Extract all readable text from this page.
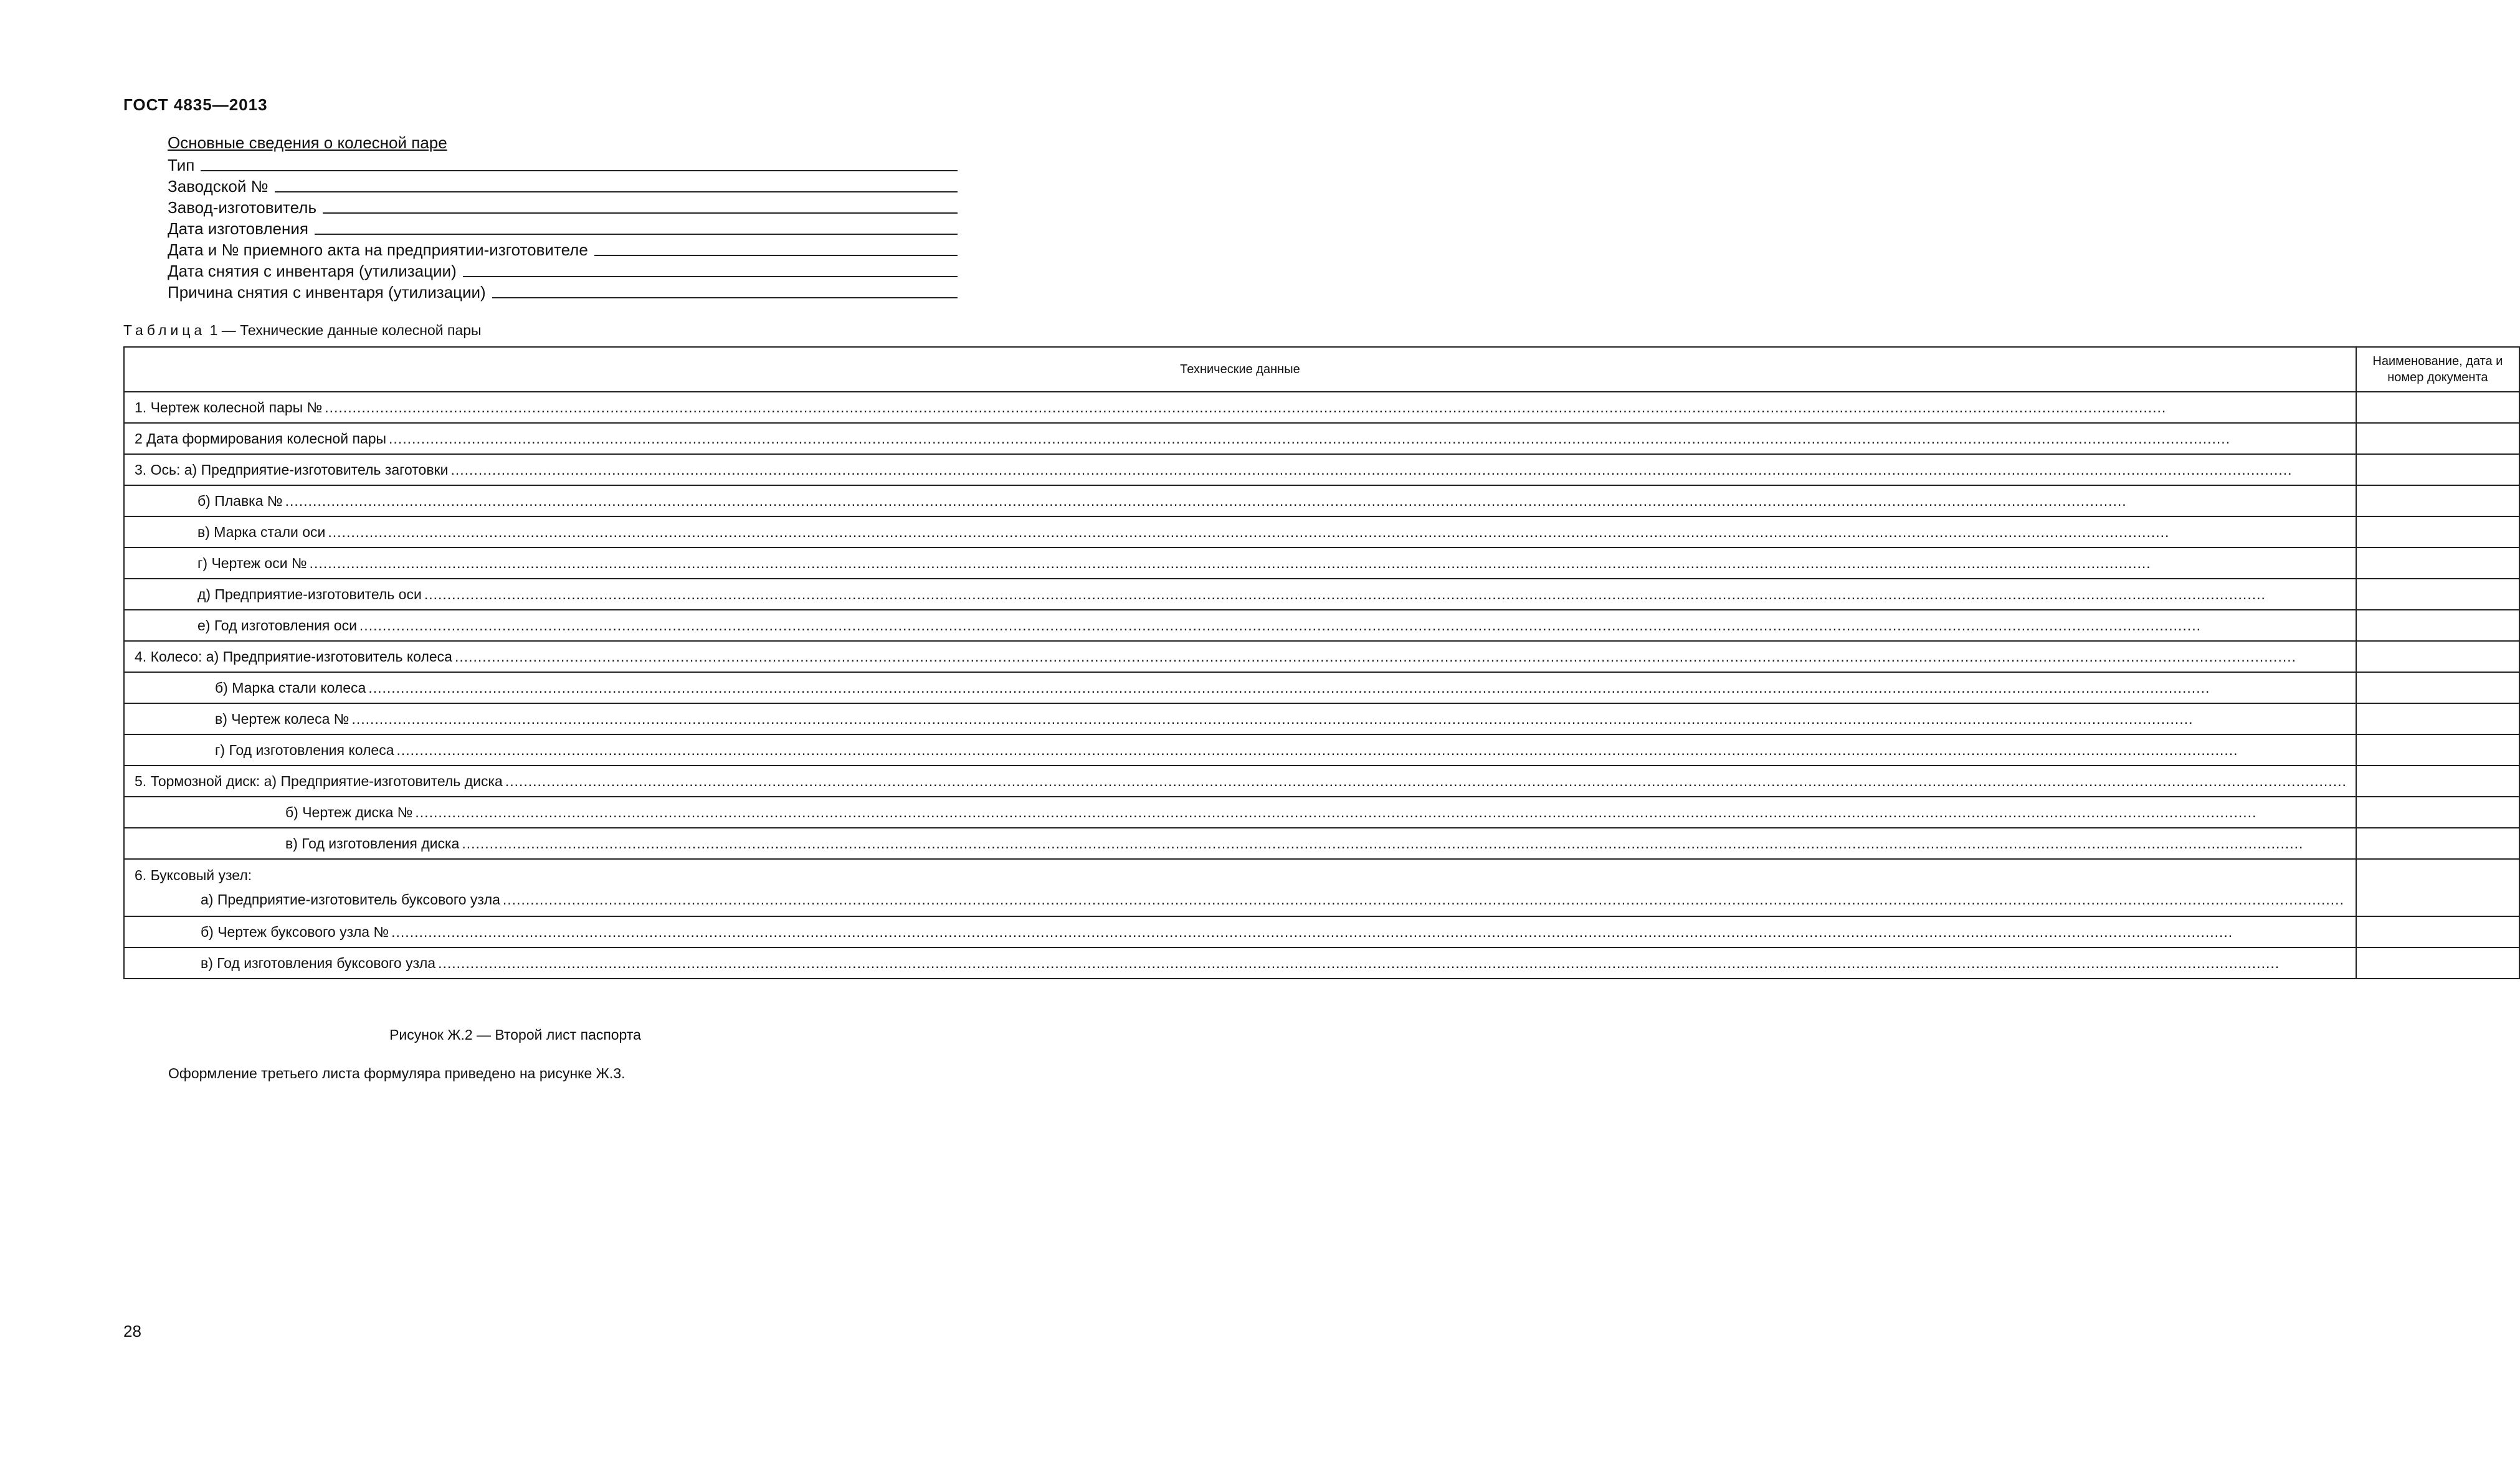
ГОСТ 4835—2013
Основные сведения о колесной паре
Тип
Заводской №
Завод-изготовитель
Дата изготовления
Дата и № приемного акта на предприятии-изготовителе
Дата снятия с инвентаря (утилизации)
Причина снятия с инвентаря (утилизации)
Таблица 1 — Технические данные колесной пары
Технические данные	Наименование, дата и номер документа

1. Чертеж колесной пары № ................................................................................................................................................................................................................................................................................................................................................................................................................	

2 Дата формирования колесной пары ................................................................................................................................................................................................................................................................................................................................................................................................................	

3. Ось: а) Предприятие-изготовитель заготовки ................................................................................................................................................................................................................................................................................................................................................................................................................	

б) Плавка № ................................................................................................................................................................................................................................................................................................................................................................................................................	

в) Марка стали оси ................................................................................................................................................................................................................................................................................................................................................................................................................	

г) Чертеж оси № ................................................................................................................................................................................................................................................................................................................................................................................................................	

д) Предприятие-изготовитель оси ................................................................................................................................................................................................................................................................................................................................................................................................................	

е) Год изготовления оси ................................................................................................................................................................................................................................................................................................................................................................................................................	

4. Колесо: а) Предприятие-изготовитель колеса ................................................................................................................................................................................................................................................................................................................................................................................................................	

б) Марка стали колеса ................................................................................................................................................................................................................................................................................................................................................................................................................	

в) Чертеж колеса № ................................................................................................................................................................................................................................................................................................................................................................................................................	

г) Год изготовления колеса ................................................................................................................................................................................................................................................................................................................................................................................................................	

5. Тормозной диск: а) Предприятие-изготовитель диска ................................................................................................................................................................................................................................................................................................................................................................................................................	

б) Чертеж диска № ................................................................................................................................................................................................................................................................................................................................................................................................................	

в) Год изготовления диска ................................................................................................................................................................................................................................................................................................................................................................................................................	

6. Буксовый узел:
а) Предприятие-изготовитель буксового узла ................................................................................................................................................................................................................................................................................................................................................................................................................	

б) Чертеж буксового узла № ................................................................................................................................................................................................................................................................................................................................................................................................................	

в) Год изготовления буксового узла ................................................................................................................................................................................................................................................................................................................................................................................................................	

Рисунок Ж.2 — Второй лист паспорта
Оформление третьего листа формуляра приведено на рисунке Ж.3.
28
